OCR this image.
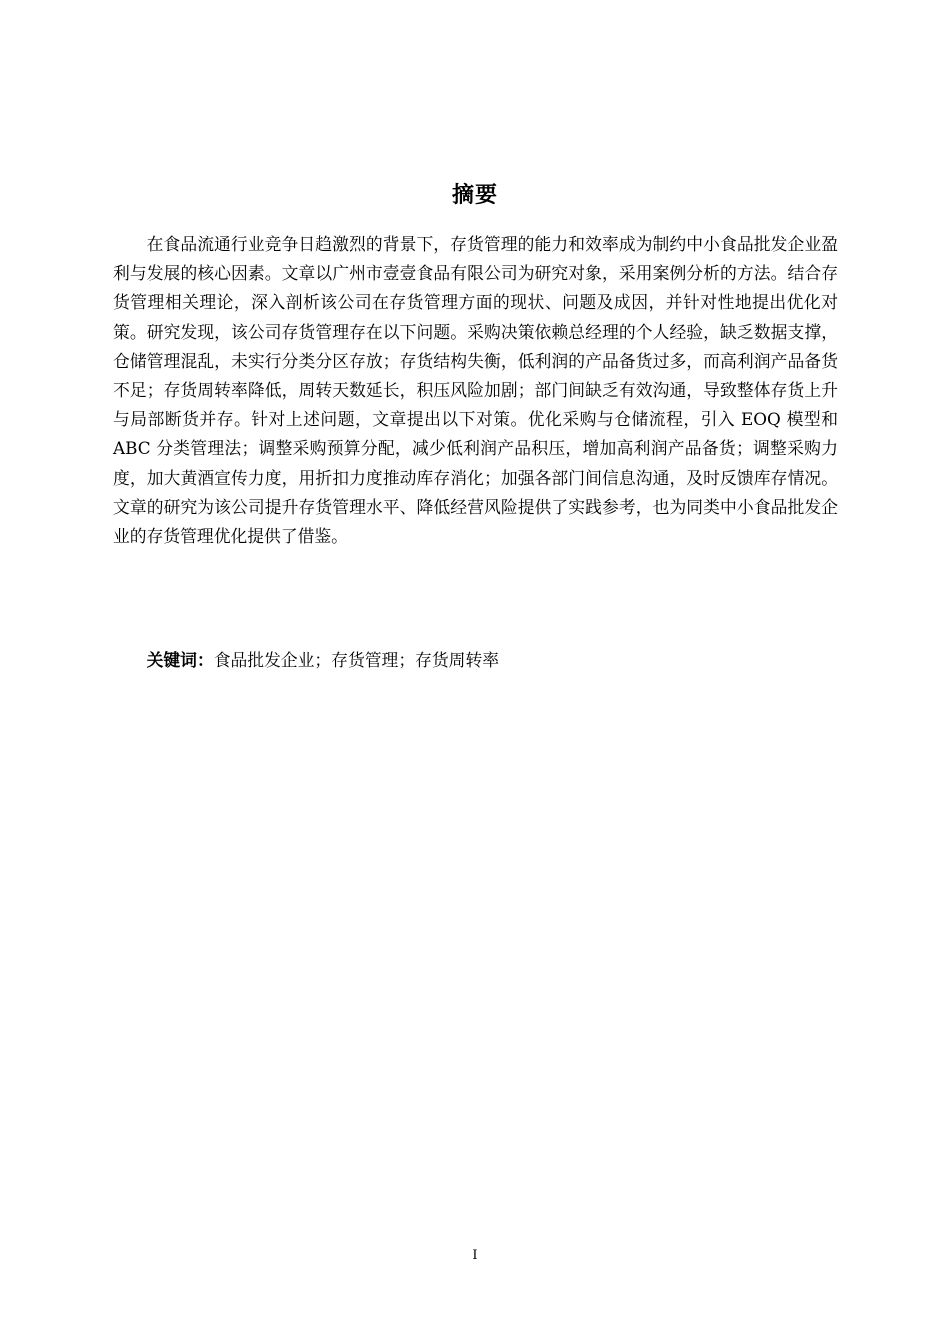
摘要

在食品流通行业竞争日趋激烈的背景下，存货管理的能力和效率成为制约中小食品批发企业盈利与发展的核心因素。文章以广州市壹壹食品有限公司为研究对象，采用案例分析的方法。结合存货管理相关理论，深入剖析该公司在存货管理方面的现状、问题及成因，并针对性地提出优化对策。研究发现，该公司存货管理存在以下问题。采购决策依赖总经理的个人经验，缺乏数据支撑，仓储管理混乱，未实行分类分区存放；存货结构失衡，低利润的产品备货过多，而高利润产品备货不足；存货周转率降低，周转天数延长，积压风险加剧；部门间缺乏有效沟通，导致整体存货上升与局部断货并存。针对上述问题，文章提出以下对策。优化采购与仓储流程，引入 EOQ 模型和 ABC 分类管理法；调整采购预算分配，减少低利润产品积压，增加高利润产品备货；调整采购力度，加大黄酒宣传力度，用折扣力度推动库存消化；加强各部门间信息沟通，及时反馈库存情况。文章的研究为该公司提升存货管理水平、降低经营风险提供了实践参考，也为同类中小食品批发企业的存货管理优化提供了借鉴。

关键词：食品批发企业；存货管理；存货周转率

I
